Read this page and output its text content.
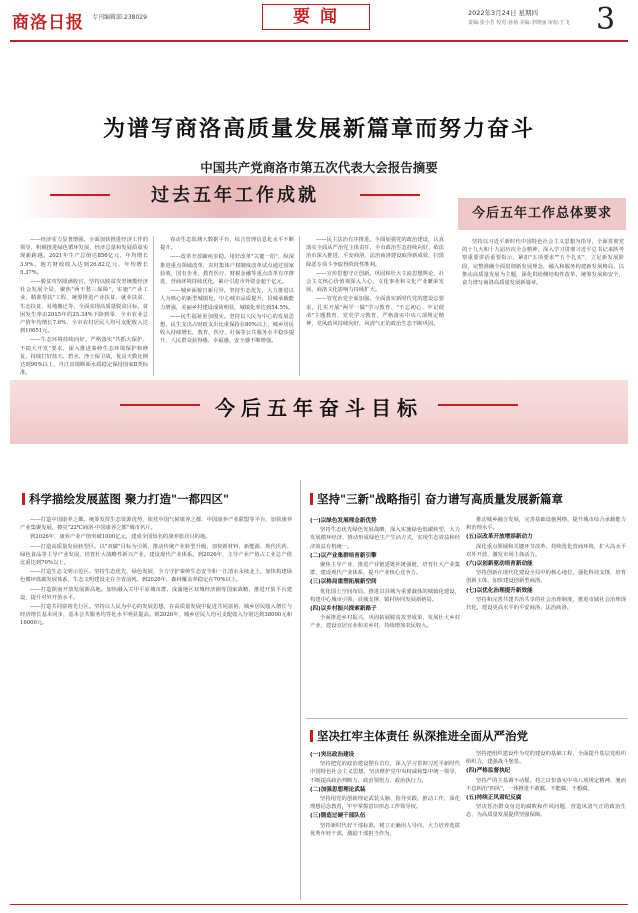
商洛日报 专刊编辑部:238029	要 闻	2022年3月24日 星期四
责编:张小芳 校对:孙菊 美编:李晓丽 审校:王飞 3
为谱写商洛高质量发展新篇章而努力奋斗
中国共产党商洛市第五次代表大会报告摘要
过去五年工作成就

——经济实力显著增强。全面加快推进经济工作的领导，积极推进绿色循环发展，经济总量和发展质量实现新跨越。2021年生产总值达856亿元，年均增长3.9%。地方财政收入达到26.82亿元，年均增长5.37%。

——脱贫攻坚圆满收官。坚持以脱贫攻坚统揽经济社会发展全局，聚焦"两不愁三保障"，实施"产业工业、精准帮扶"工程，统筹推进产业扶贫、就业扶贫、生态扶贫、易地搬迁等，全面实现高质量脱贫目标，贫困发生率由2015年的25.34%下降到零，全市农业总产值年均增长7.6%，全市农村居民人均可支配收入达到10651元。

——生态环境持续向好。严格落实"共抓大保护、不搞大开发"要求，深入推进秦岭生态环境保护和修复，持续打好蓝天、碧水、净土保卫战，优良天数比例达到90%以上，丹江出境断面水质稳定保持国家Ⅱ类标准。

春动生态监测大数据平台，综合管理信息化水平不断提升。

——改革开放蹄疾步稳。用好改革"关键一招"，纵深推进重点领域改革，农村集体产权制度改革试点通过国家验收，国有企业、教育医疗、财税金融等重点改革有序推进，营商环境持续优化，累计引进市外资金超千亿元。

——城乡面貌日新月异。坚持生态优先，大力推进以人为核心的新型城镇化，中心城市品质提升，县城承载能力增强，美丽乡村建设成效明显，城镇化率达到54.5%。

——民生福祉更加殷实。坚持以人民为中心的发展思想，民生支出占财政支出比重保持在80%以上，城乡居民收入持续增长，教育、医疗、社保等公共服务水平稳步提升，人民群众获得感、幸福感、安全感不断增强。

——民主法治有序推进。全面加强党的政治建设，认真落实全面从严治党主体责任，全市政治生态持续向好，依法治市深入推进，平安商洛、法治商洛建设取得新成效，扫黑除恶专项斗争取得阶段性胜利。

——宣传思想守正创新。巩固和壮大主流思想舆论，社会主义核心价值观深入人心，文化事业和文化产业繁荣发展，商洛文化影响力持续扩大。

——管党治党全面加强。全面落实新时代党的建设总要求，扎实开展"两学一做"学习教育、"不忘初心、牢记使命"主题教育、党史学习教育，严格落实中央八项规定精神，党风政风持续向好，风清气正的政治生态不断巩固。

今后五年工作总体要求

坚持以习近平新时代中国特色社会主义思想为指导，全面贯彻党的十九大和十九届历次全会精神，深入学习贯彻习近平总书记来陕考察重要讲话重要指示，紧扣"五项要求""五个扎实"，立足新发展阶段，完整准确全面贯彻新发展理念，融入和服务构建新发展格局，以推动高质量发展为主题，深化供给侧结构性改革，统筹发展和安全，奋力谱写商洛高质量发展新篇章。

今后五年奋斗目标
科学描绘发展蓝图 聚力打造"一都四区"

——打造中国康养之都。统筹发挥生态资源优势，依托中国气候康养之都、中国康养产业联盟等平台，加快康养产业集聚发展，擦亮"22℃商洛·中国康养之都"城市名片。

到2026年，康养产业产值突破1000亿元，建成全国知名的康养旅居目的地。

——打造高质量发展转型区。以"双碳"目标为引领，推动传统产业转型升级，加快新材料、新能源、现代医药、绿色食品等主导产业发展，培育壮大战略性新兴产业，建设现代产业体系。到2026年，主导产业产值占工业总产值比重达到70%以上。

——打造生态文明示范区。坚持生态优先、绿色发展，全力守护秦岭生态安全和一江清水永续北上，加快构建绿色循环低碳发展体系，生态文明建设走在全省前列。到2026年，森林覆盖率稳定在70%以上。

——打造陕南开放发展新高地。加快融入关中平原城市群、成渝地区双城经济圈等国家战略，推进开放平台建设，提升对外开放水平。

——打造共同富裕先行区。坚持以人民为中心的发展思想，在高质量发展中促进共同富裕，城乡居民收入增长与经济增长基本同步，基本公共服务均等化水平明显提高。到2026年，城乡居民人均可支配收入分别达到38000元和16000元。

坚持"三新"战略指引 奋力谱写高质量发展新篇章

(一)以绿色发展理念新优势

坚持生态优先绿色发展战略，深入实施绿色低碳转型，大力发展循环经济，推动形成绿色生产生活方式，实现生态效益和经济效益有机统一。

(二)以产业集群培育新引擎

聚焦主导产业，推进产业链延链补链强链，培育壮大产业集群，建设现代产业体系，提升产业核心竞争力。

(三)以格局重塑拓展新空间

优化国土空间布局，推进以县城为重要载体的城镇化建设，构建中心城市引领、县城支撑、镇村协同发展新格局。

(四)以乡村振兴探索新路子

全面推进乡村振兴，巩固拓展脱贫攻坚成果，发展壮大乡村产业，建设宜居宜业和美乡村，持续增加农民收入。

推动城乡融合发展，完善基础设施网络，提升城市综合承载能力和治理水平。

(五)以改革开放增添新动力

深化重点领域和关键环节改革，持续优化营商环境，扩大高水平对外开放，激发市场主体活力。

(六)以创新驱动培育新动能

坚持创新在现代化建设全局中的核心地位，强化科技支撑，培育创新主体，加快建设创新型商洛。

(七)以优化治理提升新效能

坚持和完善共建共治共享的社会治理制度，推进市域社会治理现代化，建设更高水平的平安商洛、法治商洛。

坚决扛牢主体责任 纵深推进全面从严治党

(一)突出政治建设

坚持把党的政治建设摆在首位，深入学习贯彻习近平新时代中国特色社会主义思想，坚决维护党中央权威和集中统一领导，不断提高政治判断力、政治领悟力、政治执行力。

(二)加强思想理论武装

坚持用党的创新理论武装头脑、指导实践、推动工作，深化理想信念教育，牢牢掌握意识形态工作领导权。

(三)锻造过硬干部队伍

坚持新时代好干部标准，树立正确用人导向，大力培养选拔优秀年轻干部，激励干部担当作为。

坚持把组织建设作为党的建设的基础工程，全面提升基层党组织组织力，建强战斗堡垒。

(四)严格监督执纪

坚持严的主基调不动摇，持之以恒落实中央八项规定精神，驰而不息纠治"四风"，一体推进不敢腐、不能腐、不想腐。

(五)持续正风肃纪反腐

坚决惩治群众身边的腐败和作风问题，营造风清气正的政治生态，为高质量发展提供坚强保障。
